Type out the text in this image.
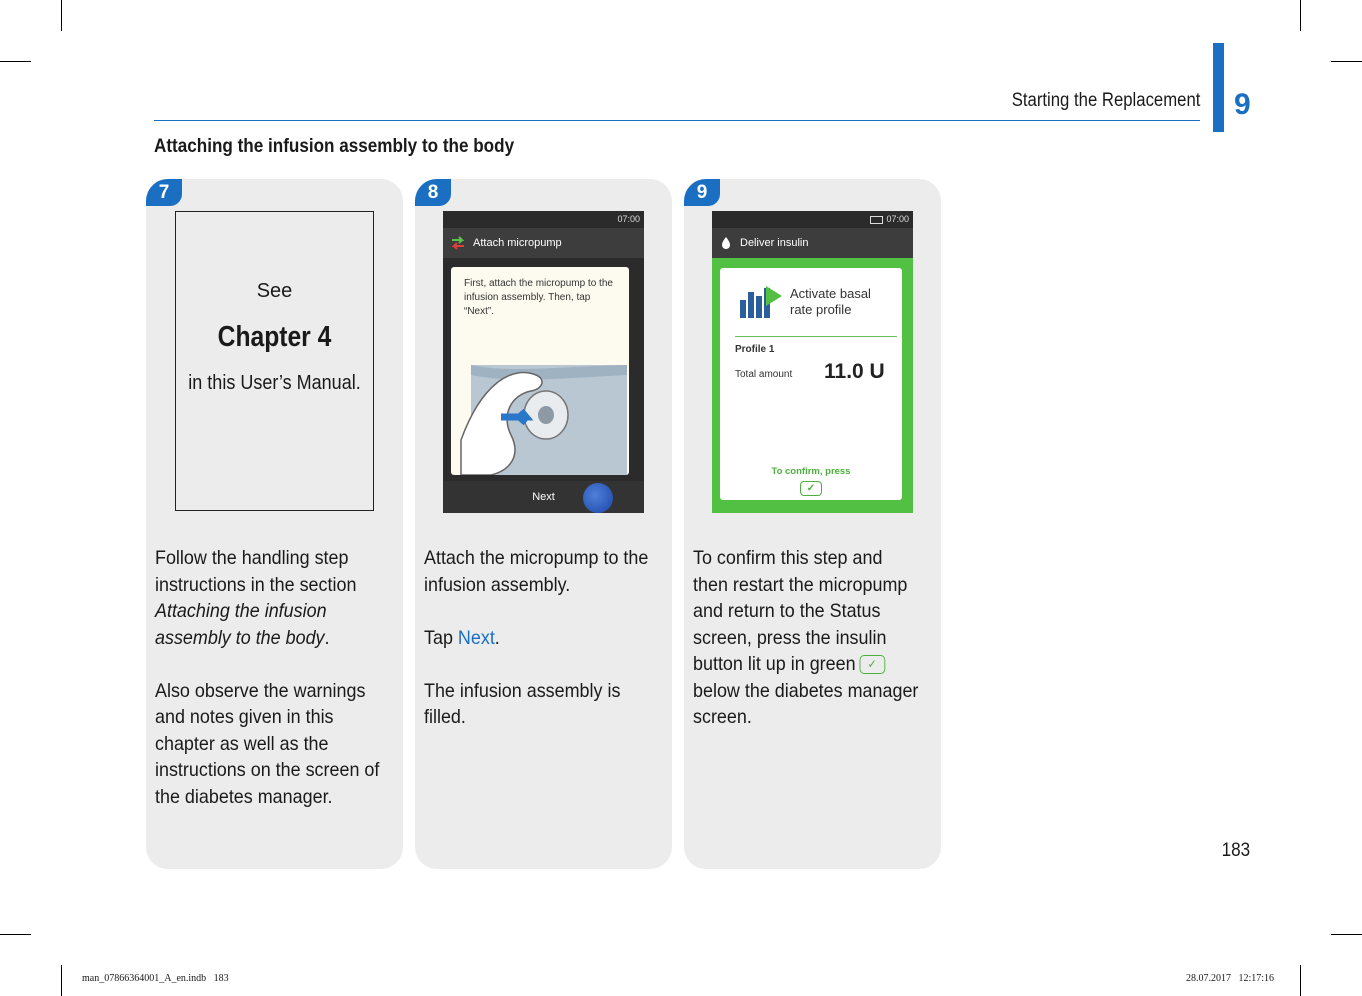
Starting the Replacement 9
Attaching the infusion assembly to the body
7
See
Chapter 4
in this User’s Manual.

Follow the handling step instructions in the section Attaching the infusion assembly to the body.

Also observe the warnings and notes given in this chapter as well as the instructions on the screen of the diabetes manager.

8
07:00
Attach micropump
First, attach the micropump to the infusion assembly. Then, tap “Next”.
Next

Attach the micropump to the infusion assembly.

Tap Next.

The infusion assembly is filled.

9
07:00
Deliver insulin
Activate basal
rate profile
Profile 1
Total amount 11.0 U
To confirm, press
✓

To confirm this step and then restart the micropump and return to the Status screen, press the insulin button lit up in green ✓below the diabetes manager screen.

183
man_07866364001_A_en.indb   183	28.07.2017   12:17:16
